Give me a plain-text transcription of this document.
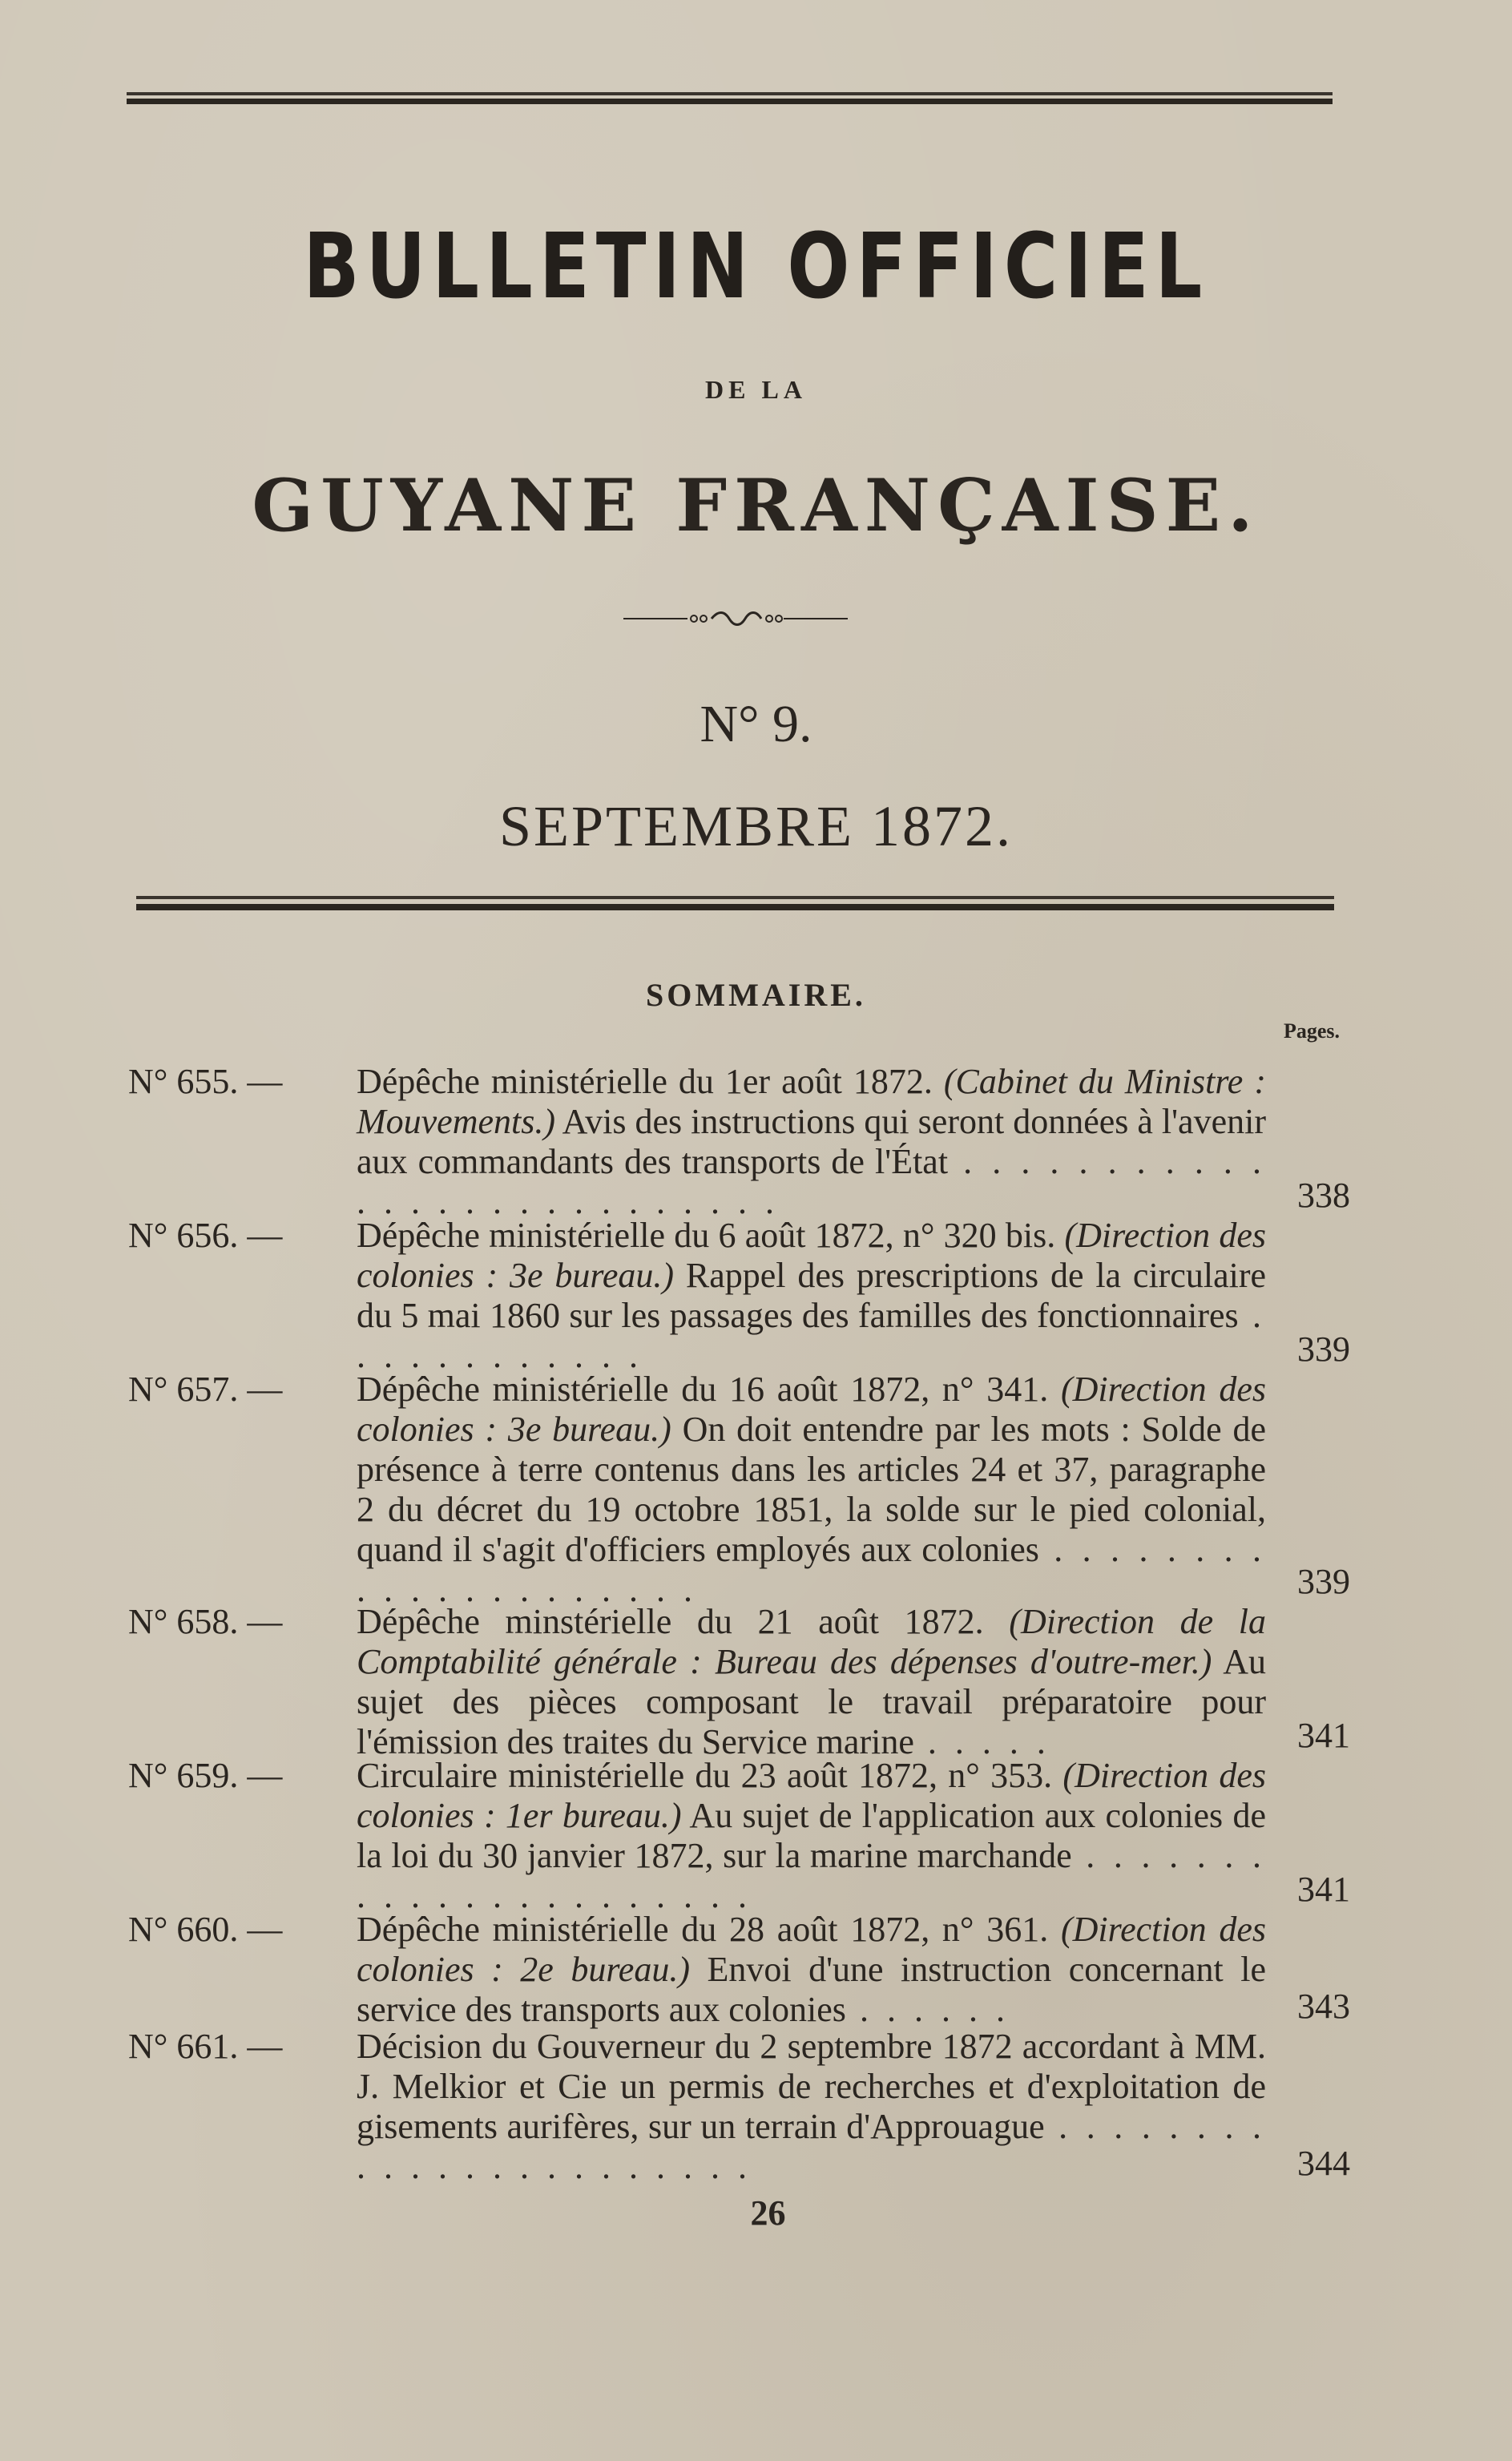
BULLETIN OFFICIEL
DE LA
GUYANE FRANÇAISE.
N° 9.
SEPTEMBRE 1872.
SOMMAIRE.
Pages.
N° 655. — Dépêche ministérielle du 1er août 1872. (Cabinet du Ministre : Mouvements.) Avis des instructions qui seront données à l'avenir aux commandants des transports de l'État . . . . . . . . . . . . . . . . . . . . . . . . . . .	338
N° 656. — Dépêche ministérielle du 6 août 1872, n° 320 bis. (Direction des colonies : 3e bureau.) Rappel des prescriptions de la circulaire du 5 mai 1860 sur les passages des familles des fonctionnaires . . . . . . . . . . . .	339
N° 657. — Dépêche ministérielle du 16 août 1872, n° 341. (Direction des colonies : 3e bureau.) On doit entendre par les mots : Solde de présence à terre contenus dans les articles 24 et 37, paragraphe 2 du décret du 19 octobre 1851, la solde sur le pied colonial, quand il s'agit d'officiers employés aux colonies . . . . . . . . . . . . . . . . . . . . .	339
N° 658. — Dépêche minstérielle du 21 août 1872. (Direction de la Comptabilité générale : Bureau des dépenses d'outre-mer.) Au sujet des pièces composant le travail préparatoire pour l'émission des traites du Service marine . . . . .	341
N° 659. — Circulaire ministérielle du 23 août 1872, n° 353. (Direction des colonies : 1er bureau.) Au sujet de l'application aux colonies de la loi du 30 janvier 1872, sur la marine marchande . . . . . . . . . . . . . . . . . . . . . .	341
N° 660. — Dépêche ministérielle du 28 août 1872, n° 361. (Direction des colonies : 2e bureau.) Envoi d'une instruction concernant le service des transports aux colonies . . . . . .	343
N° 661. — Décision du Gouverneur du 2 septembre 1872 accordant à MM. J. Melkior et Cie un permis de recherches et d'exploitation de gisements aurifères, sur un terrain d'Approuague . . . . . . . . . . . . . . . . . . . . . . .	344
26
